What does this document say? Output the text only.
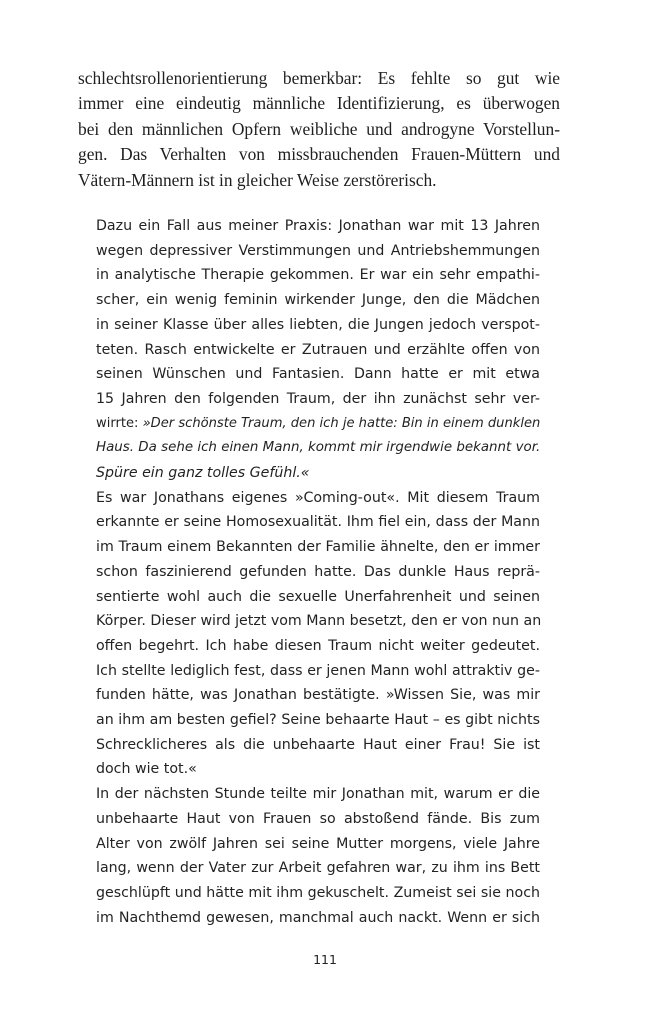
schlechtsrollenorientierung bemerkbar: Es fehlte so gut wie
immer eine eindeutig männliche Identifizierung, es überwogen
bei den männlichen Opfern weibliche und androgyne Vorstellun-
gen. Das Verhalten von missbrauchenden Frauen-Müttern und
Vätern-Männern ist in gleicher Weise zerstörerisch.
Dazu ein Fall aus meiner Praxis: Jonathan war mit 13 Jahren
wegen depressiver Verstimmungen und Antriebshemmungen
in analytische Therapie gekommen. Er war ein sehr empathi-
scher, ein wenig feminin wirkender Junge, den die Mädchen
in seiner Klasse über alles liebten, die Jungen jedoch verspot-
teten. Rasch entwickelte er Zutrauen und erzählte offen von
seinen Wünschen und Fantasien. Dann hatte er mit etwa
15 Jahren den folgenden Traum, der ihn zunächst sehr ver-
wirrte: »Der schönste Traum, den ich je hatte: Bin in einem dunklen
Haus. Da sehe ich einen Mann, kommt mir irgendwie bekannt vor.
Spüre ein ganz tolles Gefühl.«
Es war Jonathans eigenes »Coming-out«. Mit diesem Traum
erkannte er seine Homosexualität. Ihm fiel ein, dass der Mann
im Traum einem Bekannten der Familie ähnelte, den er immer
schon faszinierend gefunden hatte. Das dunkle Haus reprä-
sentierte wohl auch die sexuelle Unerfahrenheit und seinen
Körper. Dieser wird jetzt vom Mann besetzt, den er von nun an
offen begehrt. Ich habe diesen Traum nicht weiter gedeutet.
Ich stellte lediglich fest, dass er jenen Mann wohl attraktiv ge-
funden hätte, was Jonathan bestätigte. »Wissen Sie, was mir
an ihm am besten gefiel? Seine behaarte Haut – es gibt nichts
Schrecklicheres als die unbehaarte Haut einer Frau! Sie ist
doch wie tot.«
In der nächsten Stunde teilte mir Jonathan mit, warum er die
unbehaarte Haut von Frauen so abstoßend fände. Bis zum
Alter von zwölf Jahren sei seine Mutter morgens, viele Jahre
lang, wenn der Vater zur Arbeit gefahren war, zu ihm ins Bett
geschlüpft und hätte mit ihm gekuschelt. Zumeist sei sie noch
im Nachthemd gewesen, manchmal auch nackt. Wenn er sich
111
